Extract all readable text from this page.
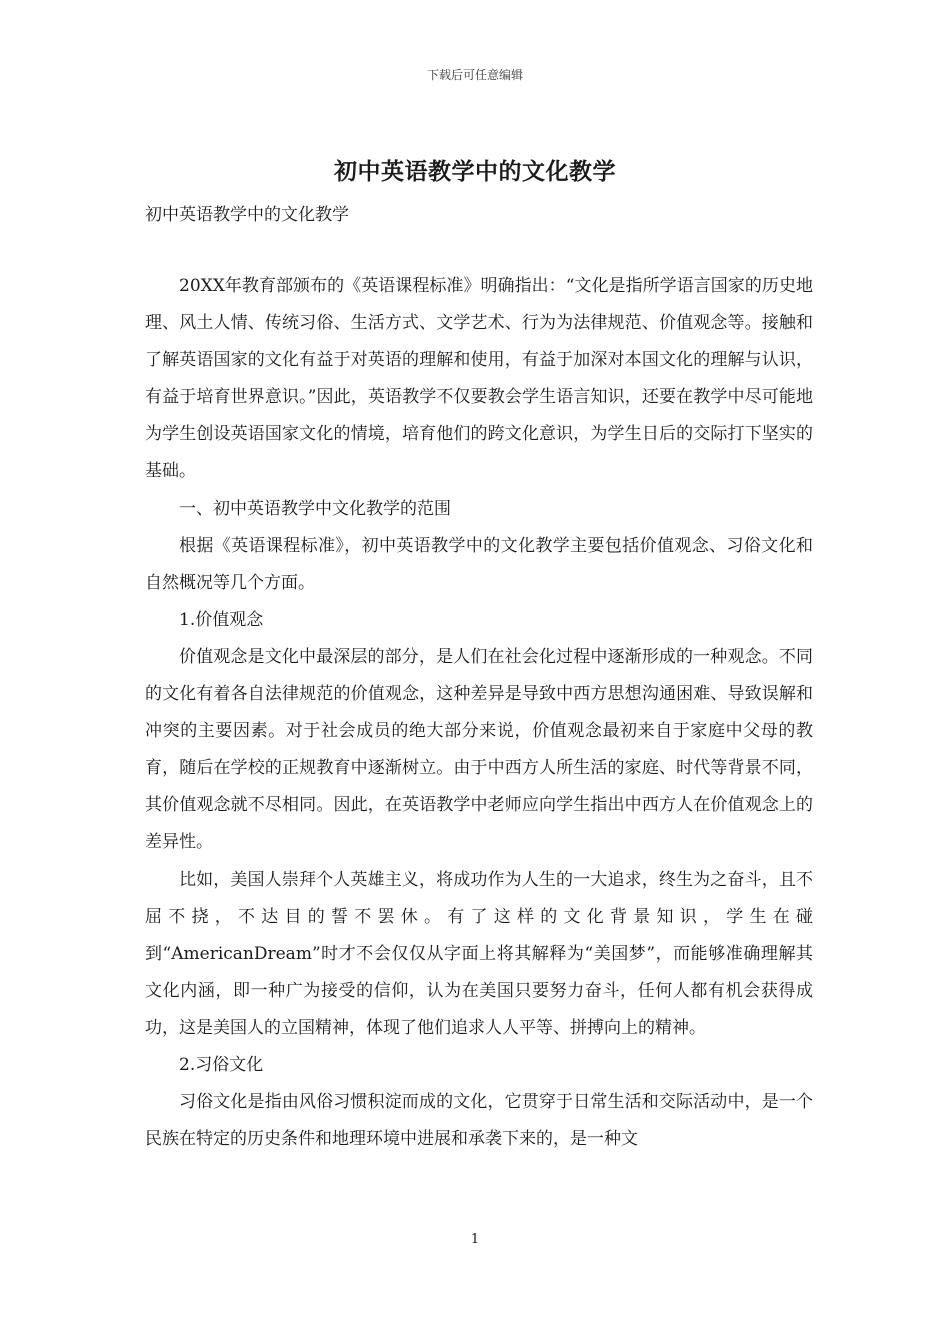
下载后可任意编辑
初中英语教学中的文化教学
初中英语教学中的文化教学

20XX年教育部颁布的《英语课程标准》明确指出：“文化是指所学语言国家的历史地理、风土人情、传统习俗、生活方式、文学艺术、行为为法律规范、价值观念等。接触和了解英语国家的文化有益于对英语的理解和使用，有益于加深对本国文化的理解与认识，有益于培育世界意识。”因此，英语教学不仅要教会学生语言知识，还要在教学中尽可能地为学生创设英语国家文化的情境，培育他们的跨文化意识，为学生日后的交际打下坚实的基础。

一、初中英语教学中文化教学的范围

根据《英语课程标准》，初中英语教学中的文化教学主要包括价值观念、习俗文化和自然概况等几个方面。

1.价值观念

价值观念是文化中最深层的部分，是人们在社会化过程中逐渐形成的一种观念。不同的文化有着各自法律规范的价值观念，这种差异是导致中西方思想沟通困难、导致误解和冲突的主要因素。对于社会成员的绝大部分来说，价值观念最初来自于家庭中父母的教育，随后在学校的正规教育中逐渐树立。由于中西方人所生活的家庭、时代等背景不同，其价值观念就不尽相同。因此，在英语教学中老师应向学生指出中西方人在价值观念上的差异性。

比如，美国人崇拜个人英雄主义，将成功作为人生的一大追求，终生为之奋斗，且不屈不挠，不达目的誓不罢休。有了这样的文化背景知识，学生在碰到“AmericanDream”时才不会仅仅从字面上将其解释为“美国梦”，而能够准确理解其文化内涵，即一种广为接受的信仰，认为在美国只要努力奋斗，任何人都有机会获得成功，这是美国人的立国精神，体现了他们追求人人平等、拼搏向上的精神。

2.习俗文化

习俗文化是指由风俗习惯积淀而成的文化，它贯穿于日常生活和交际活动中，是一个民族在特定的历史条件和地理环境中进展和承袭下来的，是一种文

1
